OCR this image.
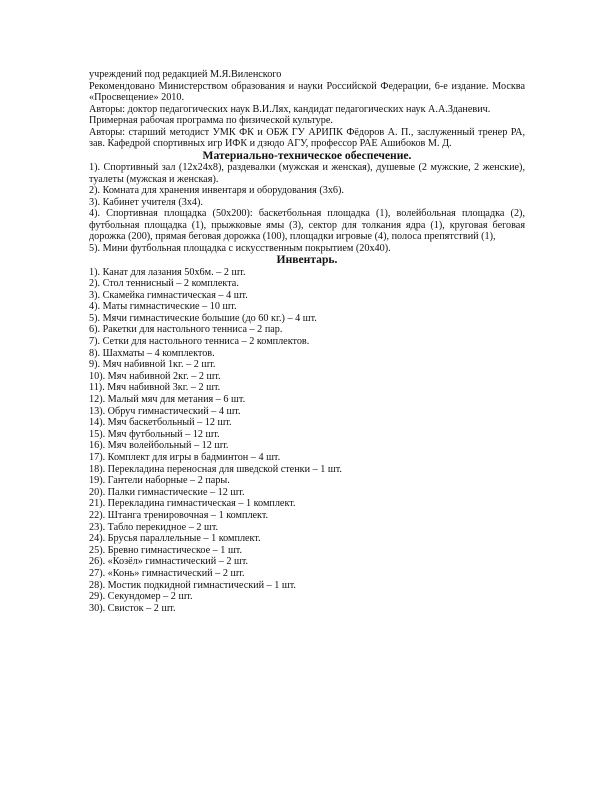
учреждений под редакцией М.Я.Виленского

Рекомендовано Министерством образования и науки Российской Федерации, 6-е издание. Москва «Просвещение» 2010.

Авторы: доктор педагогических наук В.И.Лях, кандидат педагогических наук А.А.Зданевич.

Примерная рабочая программа по физической культуре.

Авторы: старший методист УМК ФК и ОБЖ ГУ АРИПК Фёдоров А. П., заслуженный тренер РА, зав. Кафедрой спортивных игр ИФК и дзюдо АГУ, профессор РАЕ Ашибоков М. Д.

Материально-техническое обеспечение.

1). Спортивный зал (12х24х8), раздевалки (мужская и женская), душевые (2 мужские, 2 женские), туалеты (мужская и женская).

2). Комната для хранения инвентаря и оборудования (3х6).

3). Кабинет учителя (3х4).

4). Спортивная площадка (50х200): баскетбольная площадка (1), волейбольная площадка (2), футбольная площадка (1), прыжковые ямы (3), сектор для толкания ядра (1), круговая беговая дорожка (200), прямая беговая дорожка (100), площадки игровые (4), полоса препятствий (1),

5). Мини футбольная площадка с искусственным покрытием (20х40).

Инвентарь.
1). Канат для лазания 50х6м. – 2 шт.
2). Стол теннисный – 2 комплекта.
3). Скамейка гимнастическая – 4 шт.
4). Маты гимнастические – 10 шт.
5). Мячи гимнастические большие (до 60 кг.) – 4 шт.
6). Ракетки для настольного тенниса – 2 пар.
7). Сетки для настольного тенниса – 2 комплектов.
8). Шахматы – 4 комплектов.
9). Мяч набивной 1кг. – 2 шт.
10). Мяч набивной 2кг. – 2 шт.
11). Мяч набивной 3кг. – 2 шт.
12). Малый мяч для метания – 6 шт.
13). Обруч гимнастический – 4 шт.
14). Мяч баскетбольный – 12 шт.
15). Мяч футбольный – 12 шт.
16). Мяч волейбольный – 12 шт.
17). Комплект для игры в бадминтон – 4 шт.
18). Перекладина переносная для шведской стенки – 1 шт.
19). Гантели наборные – 2 пары.
20). Палки гимнастические – 12 шт.
21). Перекладина гимнастическая – 1 комплект.
22). Штанга тренировочная – 1 комплект.
23). Табло перекидное – 2 шт.
24). Брусья параллельные – 1 комплект.
25). Бревно гимнастическое – 1 шт.
26). «Козёл» гимнастический – 2 шт.
27). «Конь» гимнастический – 2 шт.
28). Мостик подкидной гимнастический – 1 шт.
29). Секундомер – 2 шт.
30). Свисток – 2 шт.
